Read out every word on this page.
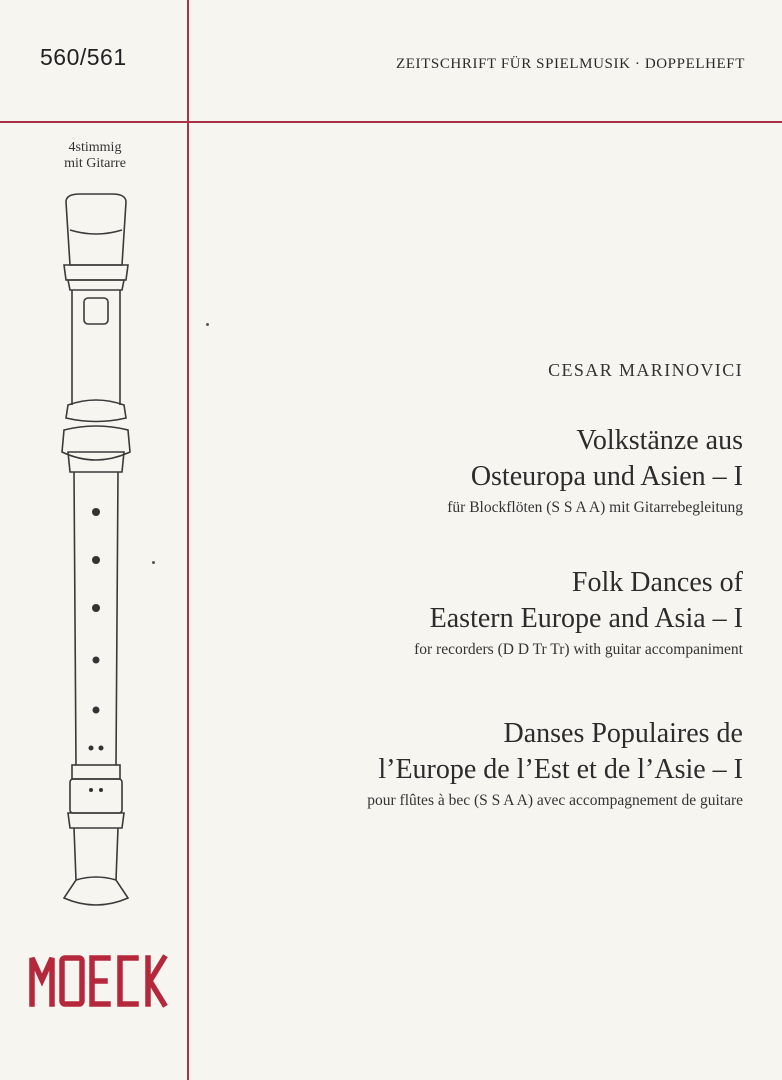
560/561	ZEITSCHRIFT FÜR SPIELMUSIK · DOPPELHEFT
4stimmig
mit Gitarre
CESAR MARINOVICI
Volkstänze aus
Osteuropa und Asien – I
für Blockflöten (S S A A) mit Gitarrebegleitung
Folk Dances of
Eastern Europe and Asia – I
for recorders (D D Tr Tr) with guitar accompaniment
Danses Populaires de
l’Europe de l’Est et de l’Asie – I
pour flûtes à bec (S S A A) avec accompagnement de guitare
